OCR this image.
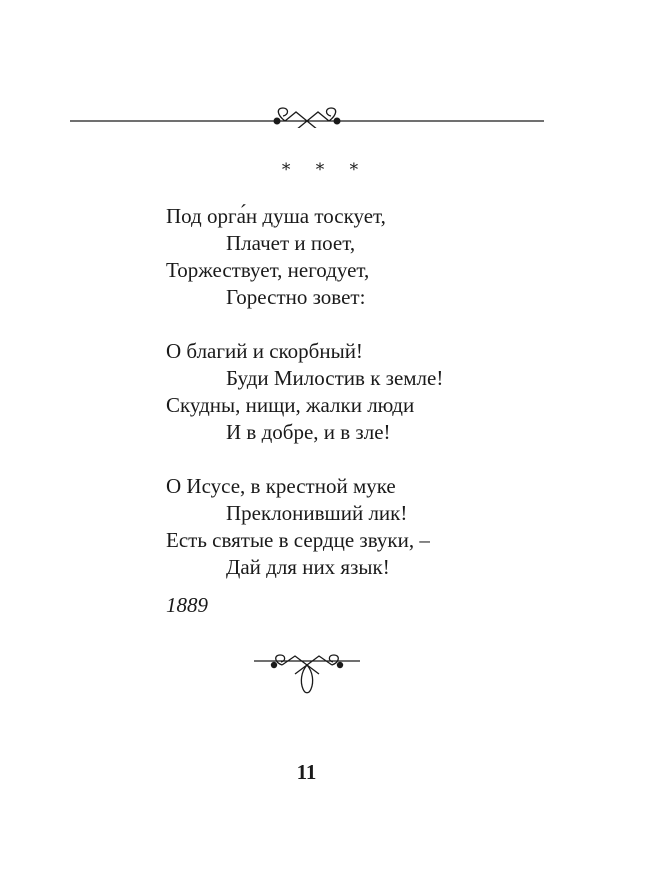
* * *
Под орга́н душа тоскует,
Плачет и поет,
Торжествует, негодует,
Горестно зовет:
О благий и скорбный!
Буди Милостив к земле!
Скудны, нищи, жалки люди
И в добре, и в зле!
О Исусе, в крестной муке
Преклонивший лик!
Есть святые в сердце звуки, –
Дай для них язык!
1889
11
